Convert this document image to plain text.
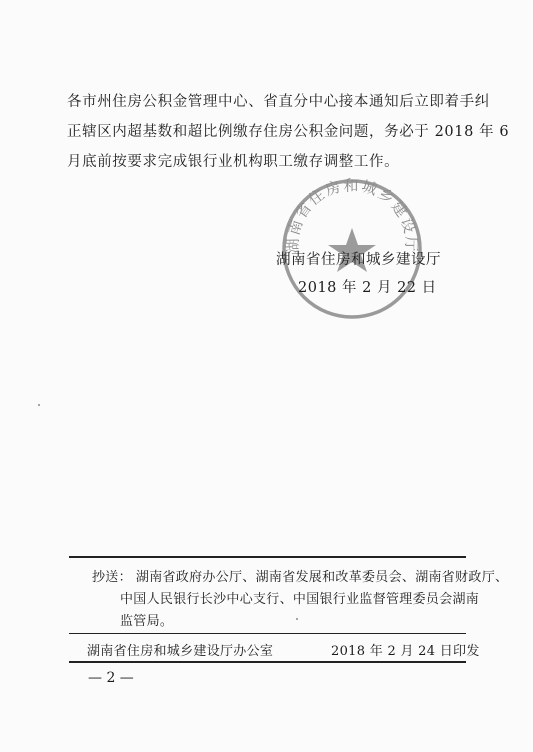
各市州住房公积金管理中心、省直分中心接本通知后立即着手纠
正辖区内超基数和超比例缴存住房公积金问题，务必于 2018 年 6
月底前按要求完成银行业机构职工缴存调整工作。
湖南省住房和城乡建设厅
湖南省住房和城乡建设厅
2018 年 2 月 22 日
抄送： 湖南省政府办公厅、湖南省发展和改革委员会、湖南省财政厅、
中国人民银行长沙中心支行、中国银行业监督管理委员会湖南
监管局。
湖南省住房和城乡建设厅办公室	2018 年 2 月 24 日印发
— 2 —
